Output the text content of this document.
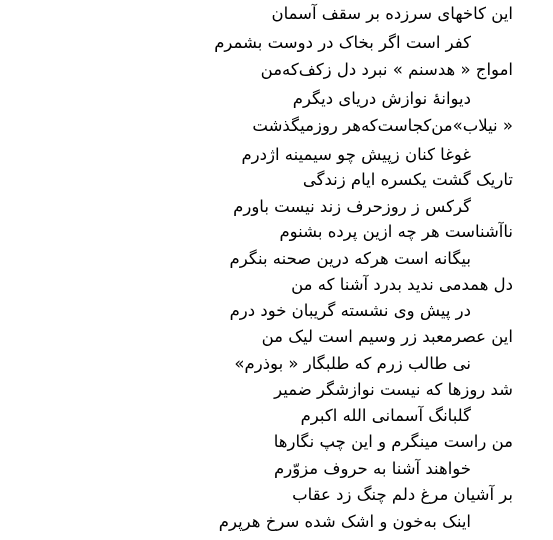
این کاخهای سرزده بر سقف آسمان
کفر است اگر بخاک در دوست بشمرم
امواج « هدسنم » نبرد دل زکف‌که‌من
دیوانهٔ نوازش دریای دیگرم
« نیلاب»من‌کجاست‌که‌هر روزمیگذشت
غوغا کنان زپیش چو سیمینه اژدرم
تاریک گشت یکسره ایام زندگی
گرکس ز روزحرف زند نیست باورم
ناآشناست هر چه ازین پرده بشنوم
بیگانه است هرکه درین صحنه بنگرم
دل همدمی ندید بدرد آشنا که من
در پیش وی نشسته گریبان خود درم
این عصرمعبد زر وسیم است لیک من
نی طالب زرم که طلبگار « بوذرم»
شد روزها که نیست نوازشگر ضمیر
گلبانگ آسمانی الله اکبرم
من راست مینگرم و این چپ نگارها
خواهند آشنا به حروف مزوّرم
بر آشیان مرغ دلم چنگ زد عقاب
اینک به‌خون و اشک شده سرخ هرپرم
